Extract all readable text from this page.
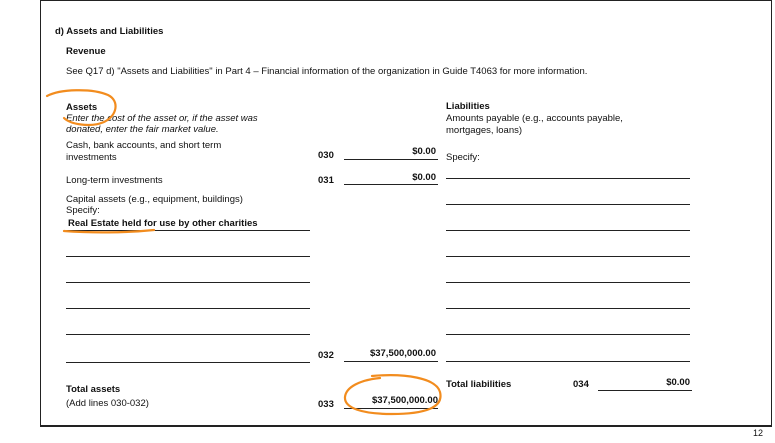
d) Assets and Liabilities
Revenue
See Q17 d) "Assets and Liabilities" in Part 4 – Financial information of the organization in Guide T4063 for more information.
Assets
Enter the cost of the asset or, if the asset was
donated, enter the fair market value.
Cash, bank accounts, and short term
investments	030	$0.00
Long-term investments	031	$0.00
Capital assets (e.g., equipment, buildings)
Specify:
Real Estate held for use by other charities
032	$37,500,000.00
Total assets
(Add lines 030-032)	033	$37,500,000.00
Liabilities
Amounts payable (e.g., accounts payable,
mortgages, loans)
Specify:
Total liabilities	034	$0.00
12
